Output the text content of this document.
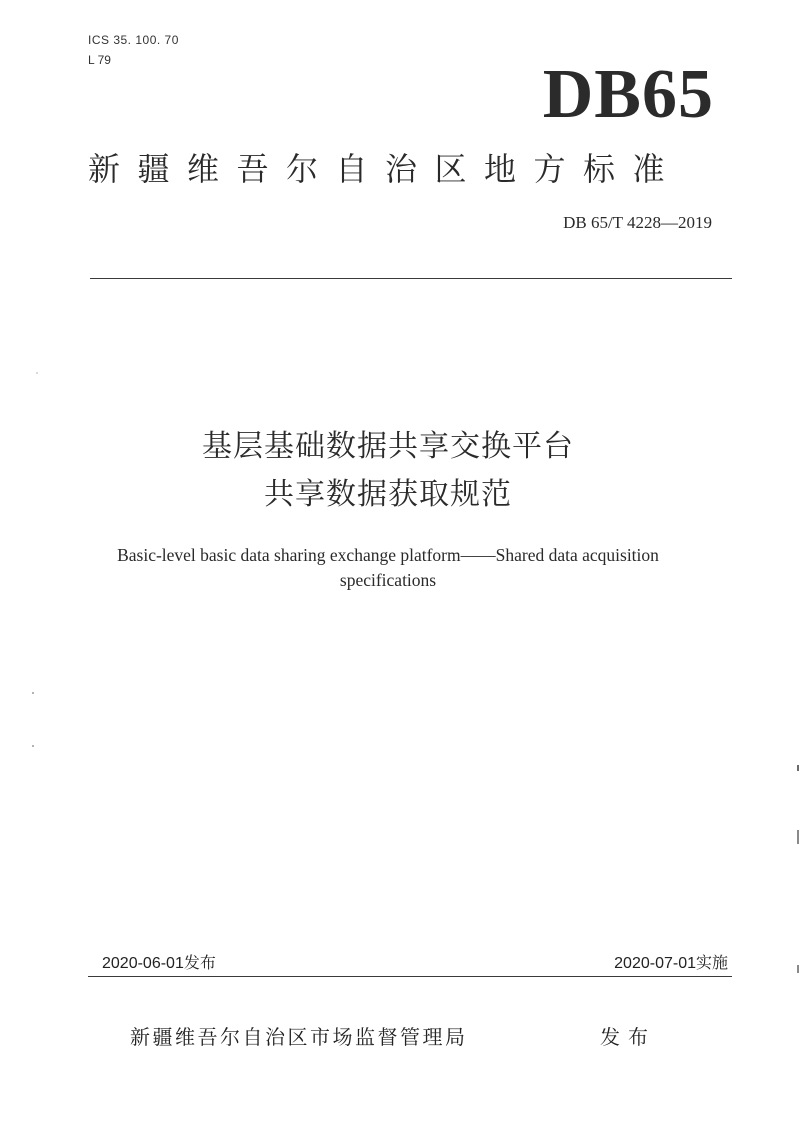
ICS 35. 100. 70
L 79	DB65
新疆维吾尔自治区地方标准
DB 65/T 4228—2019
基层基础数据共享交换平台
共享数据获取规范
Basic-level basic data sharing exchange platform——Shared data acquisition
specifications
2020-06-01发布	2020-07-01实施
新疆维吾尔自治区市场监督管理局	发布
